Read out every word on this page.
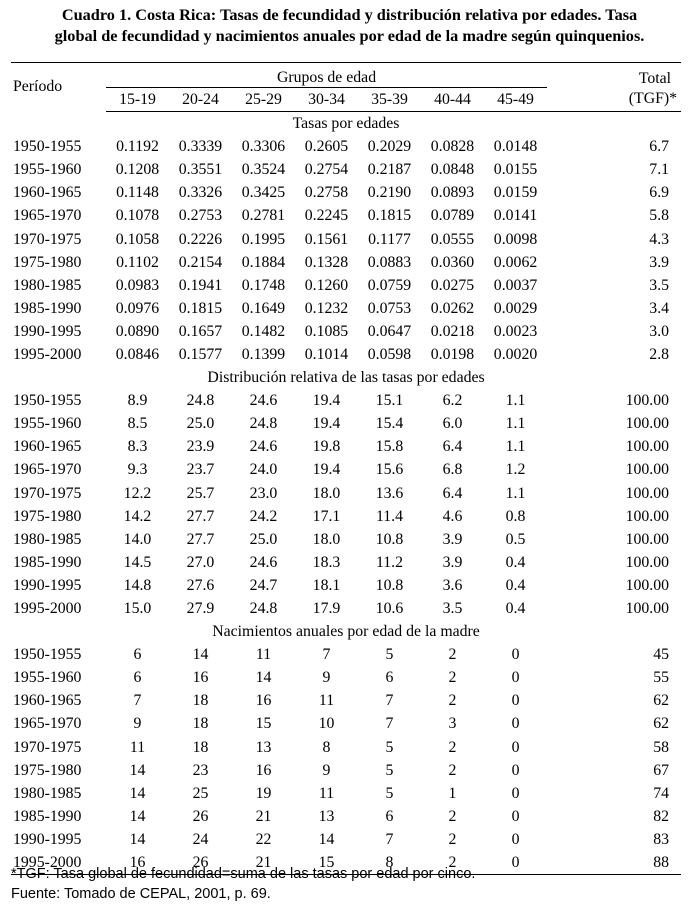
Cuadro 1. Costa Rica: Tasas de fecundidad y distribución relativa por edades. Tasa
global de fecundidad y nacimientos anuales por edad de la madre según quinquenios.
Período	Grupos de edad							Total
	15-19	20-24	25-29	30-34	35-39	40-44	45-49	(TGF)*
Tasas por edades								
1950-1955	0.1192	0.3339	0.3306	0.2605	0.2029	0.0828	0.0148	6.7
1955-1960	0.1208	0.3551	0.3524	0.2754	0.2187	0.0848	0.0155	7.1
1960-1965	0.1148	0.3326	0.3425	0.2758	0.2190	0.0893	0.0159	6.9
1965-1970	0.1078	0.2753	0.2781	0.2245	0.1815	0.0789	0.0141	5.8
1970-1975	0.1058	0.2226	0.1995	0.1561	0.1177	0.0555	0.0098	4.3
1975-1980	0.1102	0.2154	0.1884	0.1328	0.0883	0.0360	0.0062	3.9
1980-1985	0.0983	0.1941	0.1748	0.1260	0.0759	0.0275	0.0037	3.5
1985-1990	0.0976	0.1815	0.1649	0.1232	0.0753	0.0262	0.0029	3.4
1990-1995	0.0890	0.1657	0.1482	0.1085	0.0647	0.0218	0.0023	3.0
1995-2000	0.0846	0.1577	0.1399	0.1014	0.0598	0.0198	0.0020	2.8
Distribución relativa de las tasas por edades								
1950-1955	8.9	24.8	24.6	19.4	15.1	6.2	1.1	100.00
1955-1960	8.5	25.0	24.8	19.4	15.4	6.0	1.1	100.00
1960-1965	8.3	23.9	24.6	19.8	15.8	6.4	1.1	100.00
1965-1970	9.3	23.7	24.0	19.4	15.6	6.8	1.2	100.00
1970-1975	12.2	25.7	23.0	18.0	13.6	6.4	1.1	100.00
1975-1980	14.2	27.7	24.2	17.1	11.4	4.6	0.8	100.00
1980-1985	14.0	27.7	25.0	18.0	10.8	3.9	0.5	100.00
1985-1990	14.5	27.0	24.6	18.3	11.2	3.9	0.4	100.00
1990-1995	14.8	27.6	24.7	18.1	10.8	3.6	0.4	100.00
1995-2000	15.0	27.9	24.8	17.9	10.6	3.5	0.4	100.00
Nacimientos anuales por edad de la madre								
1950-1955	6	14	11	7	5	2	0	45
1955-1960	6	16	14	9	6	2	0	55
1960-1965	7	18	16	11	7	2	0	62
1965-1970	9	18	15	10	7	3	0	62
1970-1975	11	18	13	8	5	2	0	58
1975-1980	14	23	16	9	5	2	0	67
1980-1985	14	25	19	11	5	1	0	74
1985-1990	14	26	21	13	6	2	0	82
1990-1995	14	24	22	14	7	2	0	83
1995-2000	16	26	21	15	8	2	0	88
*TGF: Tasa global de fecundidad=suma de las tasas por edad por cinco.
Fuente: Tomado de CEPAL, 2001, p. 69.
